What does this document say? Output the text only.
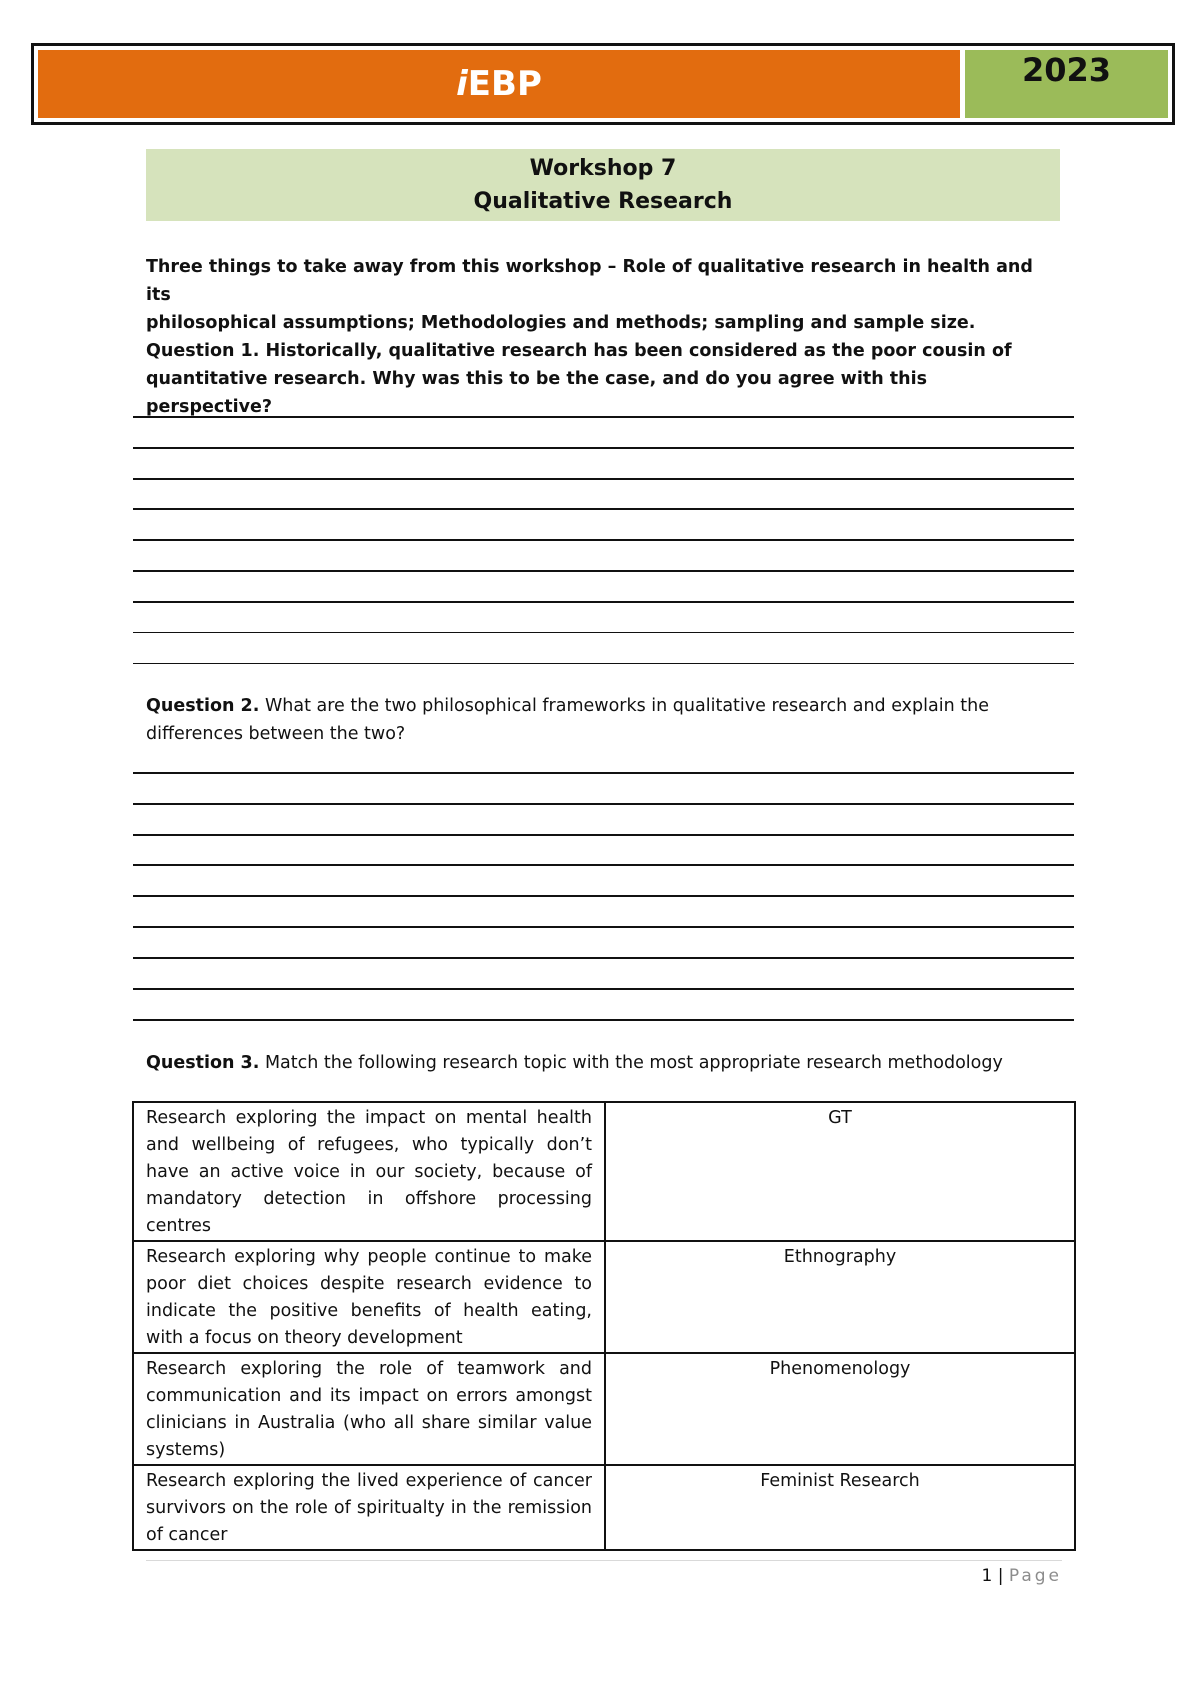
i EBP	2023
Workshop 7
Qualitative Research
Three things to take away from this workshop – Role of qualitative research in health and its
philosophical assumptions; Methodologies and methods; sampling and sample size.
Question 1. Historically, qualitative research has been considered as the poor cousin of
quantitative research. Why was this to be the case, and do you agree with this perspective?
Question 2. What are the two philosophical frameworks in qualitative research and explain the
differences between the two?
Question 3. Match the following research topic with the most appropriate research methodology
Research exploring the impact on mental health and wellbeing of refugees, who typically don’t have an active voice in our society, because of mandatory detection in offshore processing centres	GT
Research exploring why people continue to make poor diet choices despite research evidence to indicate the positive benefits of health eating, with a focus on theory development	Ethnography
Research exploring the role of teamwork and communication and its impact on errors amongst clinicians in Australia (who all share similar value systems)	Phenomenology
Research exploring the lived experience of cancer survivors on the role of spiritualty in the remission of cancer	Feminist Research
1 | Page
